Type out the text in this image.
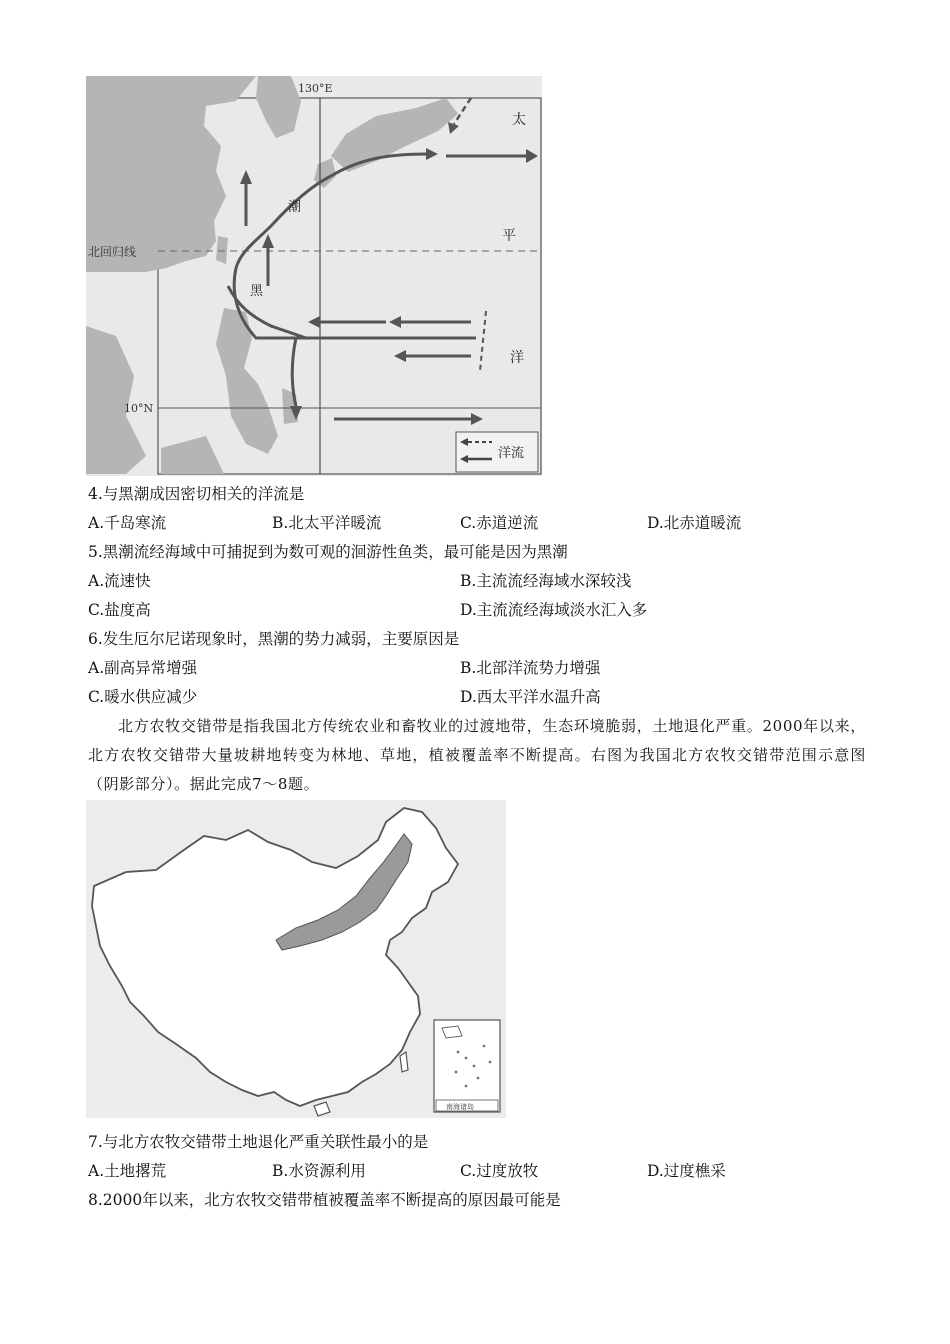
130°E
北回归线
10°N
黑
潮
太
平
洋
洋流
4.与黑潮成因密切相关的洋流是
A.千岛寒流	B.北太平洋暖流	C.赤道逆流	D.北赤道暖流
5.黑潮流经海域中可捕捉到为数可观的洄游性鱼类，最可能是因为黑潮
A.流速快	B.主流流经海域水深较浅
C.盐度高	D.主流流经海域淡水汇入多
6.发生厄尔尼诺现象时，黑潮的势力减弱，主要原因是
A.副高异常增强	B.北部洋流势力增强
C.暖水供应减少	D.西太平洋水温升高
北方农牧交错带是指我国北方传统农业和畜牧业的过渡地带，生态环境脆弱，土地退化严重。2000年以来，北方农牧交错带大量坡耕地转变为林地、草地，植被覆盖率不断提高。右图为我国北方农牧交错带范围示意图（阴影部分）。据此完成7～8题。
南海诸岛
7.与北方农牧交错带土地退化严重关联性最小的是
A.土地撂荒	B.水资源利用	C.过度放牧	D.过度樵采
8.2000年以来，北方农牧交错带植被覆盖率不断提高的原因最可能是
